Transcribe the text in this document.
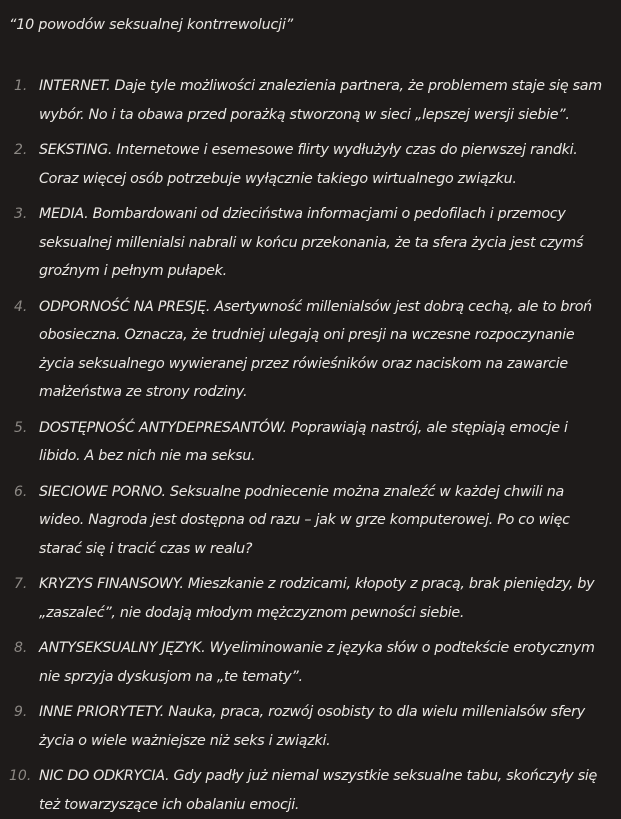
“10 powodów seksualnej kontrrewolucji”

1. INTERNET. Daje tyle możliwości znalezienia partnera, że problemem staje się sam wybór. No i ta obawa przed porażką stworzoną w sieci „lepszej wersji siebie”.
2. SEKSTING. Internetowe i esemesowe flirty wydłużyły czas do pierwszej randki. Coraz więcej osób potrzebuje wyłącznie takiego wirtualnego związku.
3. MEDIA. Bombardowani od dzieciństwa informacjami o pedofilach i przemocy seksualnej millenialsi nabrali w końcu przekonania, że ta sfera życia jest czymś groźnym i pełnym pułapek.
4. ODPORNOŚĆ NA PRESJĘ. Asertywność millenialsów jest dobrą cechą, ale to broń obosieczna. Oznacza, że trudniej ulegają oni presji na wczesne rozpoczynanie życia seksualnego wywieranej przez rówieśników oraz naciskom na zawarcie małżeństwa ze strony rodziny.
5. DOSTĘPNOŚĆ ANTYDEPRESANTÓW. Poprawiają nastrój, ale stępiają emocje i libido. A bez nich nie ma seksu.
6. SIECIOWE PORNO. Seksualne podniecenie można znaleźć w każdej chwili na wideo. Nagroda jest dostępna od razu – jak w grze komputerowej. Po co więc starać się i tracić czas w realu?
7. KRYZYS FINANSOWY. Mieszkanie z rodzicami, kłopoty z pracą, brak pieniędzy, by „zaszaleć”, nie dodają młodym mężczyznom pewności siebie.
8. ANTYSEKSUALNY JĘZYK. Wyeliminowanie z języka słów o podtekście erotycznym nie sprzyja dyskusjom na „te tematy”.
9. INNE PRIORYTETY. Nauka, praca, rozwój osobisty to dla wielu millenialsów sfery życia o wiele ważniejsze niż seks i związki.
10. NIC DO ODKRYCIA. Gdy padły już niemal wszystkie seksualne tabu, skończyły się też towarzyszące ich obalaniu emocji.
